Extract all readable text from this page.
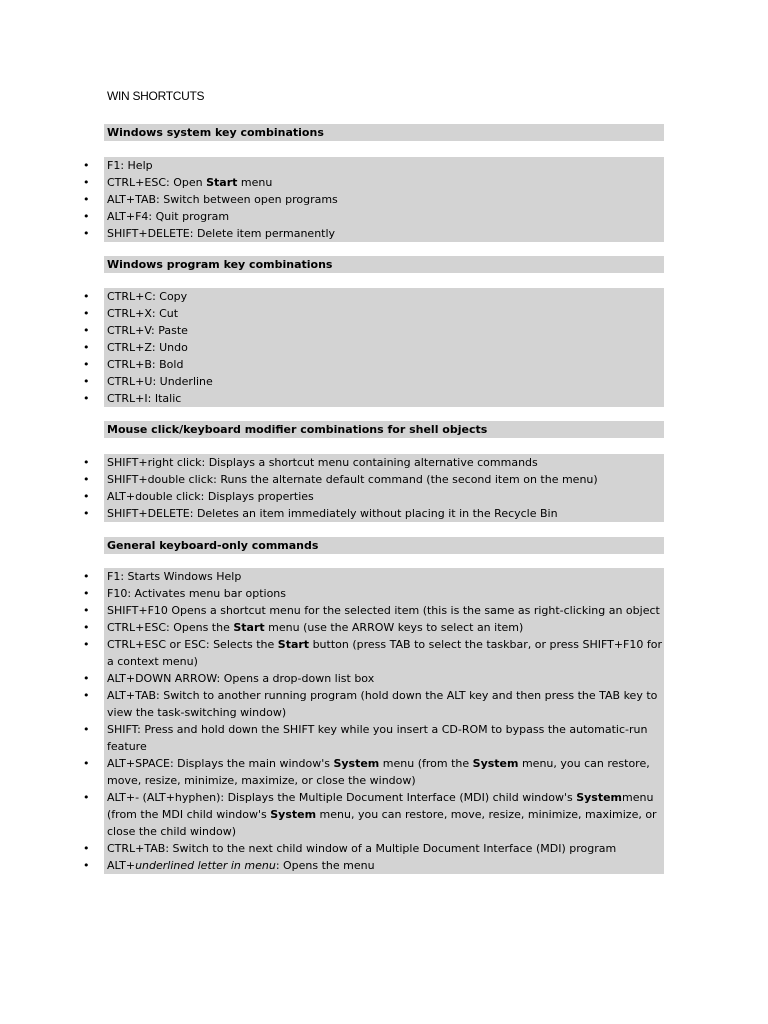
WIN SHORTCUTS
Windows system key combinations
•	F1: Help
•	CTRL+ESC: Open Start menu
•	ALT+TAB: Switch between open programs
•	ALT+F4: Quit program
•	SHIFT+DELETE: Delete item permanently
Windows program key combinations
•	CTRL+C: Copy
•	CTRL+X: Cut
•	CTRL+V: Paste
•	CTRL+Z: Undo
•	CTRL+B: Bold
•	CTRL+U: Underline
•	CTRL+I: Italic
Mouse click/keyboard modifier combinations for shell objects
•	SHIFT+right click: Displays a shortcut menu containing alternative commands
•	SHIFT+double click: Runs the alternate default command (the second item on the menu)
•	ALT+double click: Displays properties
•	SHIFT+DELETE: Deletes an item immediately without placing it in the Recycle Bin
General keyboard-only commands
•	F1: Starts Windows Help
•	F10: Activates menu bar options
•	SHIFT+F10 Opens a shortcut menu for the selected item (this is the same as right-clicking an object
•	CTRL+ESC: Opens the Start menu (use the ARROW keys to select an item)
•	CTRL+ESC or ESC: Selects the Start button (press TAB to select the taskbar, or press SHIFT+F10 for a context menu)
•	ALT+DOWN ARROW: Opens a drop-down list box
•	ALT+TAB: Switch to another running program (hold down the ALT key and then press the TAB key to view the task-switching window)
•	SHIFT: Press and hold down the SHIFT key while you insert a CD-ROM to bypass the automatic-run feature
•	ALT+SPACE: Displays the main window's System menu (from the System menu, you can restore, move, resize, minimize, maximize, or close the window)
•	ALT+- (ALT+hyphen): Displays the Multiple Document Interface (MDI) child window's Systemmenu (from the MDI child window's System menu, you can restore, move, resize, minimize, maximize, or close the child window)
•	CTRL+TAB: Switch to the next child window of a Multiple Document Interface (MDI) program
•	ALT+underlined letter in menu: Opens the menu
